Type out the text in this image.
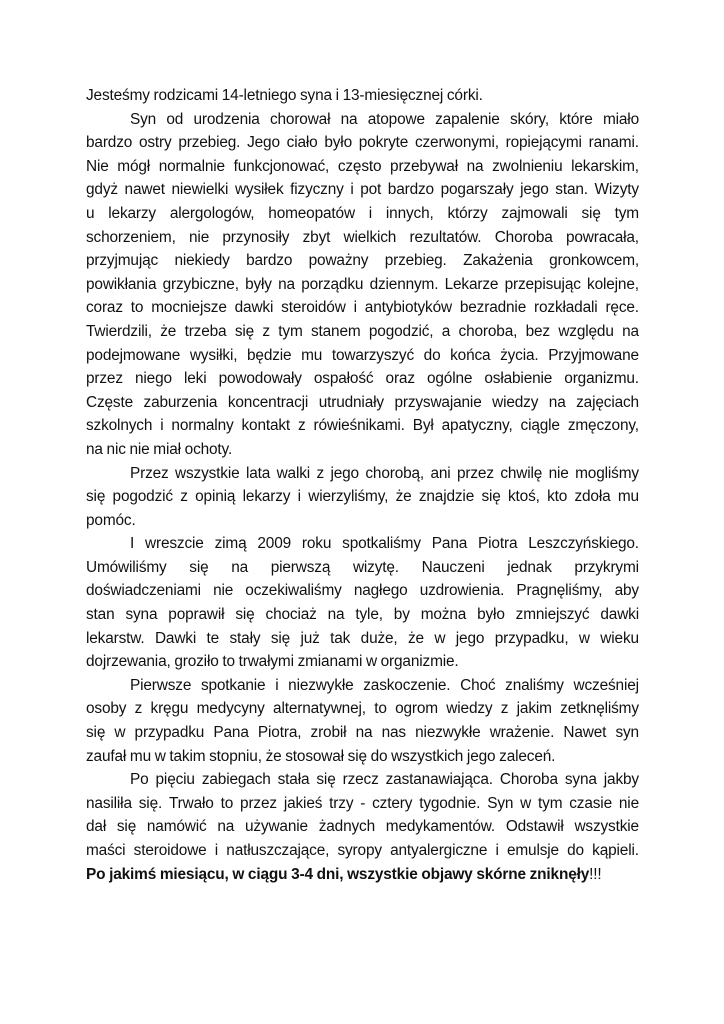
Jesteśmy rodzicami 14-letniego syna i 13-miesięcznej córki.
Syn od urodzenia chorował na atopowe zapalenie skóry, które miało
bardzo ostry przebieg. Jego ciało było pokryte czerwonymi, ropiejącymi ranami.
Nie mógł normalnie funkcjonować, często przebywał na zwolnieniu lekarskim,
gdyż nawet niewielki wysiłek fizyczny i pot bardzo pogarszały jego stan. Wizyty
u lekarzy alergologów, homeopatów i innych, którzy zajmowali się tym
schorzeniem, nie przynosiły zbyt wielkich rezultatów. Choroba powracała,
przyjmując niekiedy bardzo poważny przebieg. Zakażenia gronkowcem,
powikłania grzybiczne, były na porządku dziennym. Lekarze przepisując kolejne,
coraz to mocniejsze dawki steroidów i antybiotyków bezradnie rozkładali ręce.
Twierdzili, że trzeba się z tym stanem pogodzić, a choroba, bez względu na
podejmowane wysiłki, będzie mu towarzyszyć do końca życia. Przyjmowane
przez niego leki powodowały ospałość oraz ogólne osłabienie organizmu.
Częste zaburzenia koncentracji utrudniały przyswajanie wiedzy na zajęciach
szkolnych i normalny kontakt z rówieśnikami. Był apatyczny, ciągle zmęczony,
na nic nie miał ochoty.
Przez wszystkie lata walki z jego chorobą, ani przez chwilę nie mogliśmy
się pogodzić z opinią lekarzy i wierzyliśmy, że znajdzie się ktoś, kto zdoła mu
pomóc.
I wreszcie zimą 2009 roku spotkaliśmy Pana Piotra Leszczyńskiego.
Umówiliśmy się na pierwszą wizytę. Nauczeni jednak przykrymi
doświadczeniami nie oczekiwaliśmy nagłego uzdrowienia. Pragnęliśmy, aby
stan syna poprawił się chociaż na tyle, by można było zmniejszyć dawki
lekarstw. Dawki te stały się już tak duże, że w jego przypadku, w wieku
dojrzewania, groziło to trwałymi zmianami w organizmie.
Pierwsze spotkanie i niezwykłe zaskoczenie. Choć znaliśmy wcześniej
osoby z kręgu medycyny alternatywnej, to ogrom wiedzy z jakim zetknęliśmy
się w przypadku Pana Piotra, zrobił na nas niezwykłe wrażenie. Nawet syn
zaufał mu w takim stopniu, że stosował się do wszystkich jego zaleceń.
Po pięciu zabiegach stała się rzecz zastanawiająca. Choroba syna jakby
nasiliła się. Trwało to przez jakieś trzy - cztery tygodnie. Syn w tym czasie nie
dał się namówić na używanie żadnych medykamentów. Odstawił wszystkie
maści steroidowe i natłuszczające, syropy antyalergiczne i emulsje do kąpieli.
Po jakimś miesiącu, w ciągu 3-4 dni, wszystkie objawy skórne zniknęły!!!
